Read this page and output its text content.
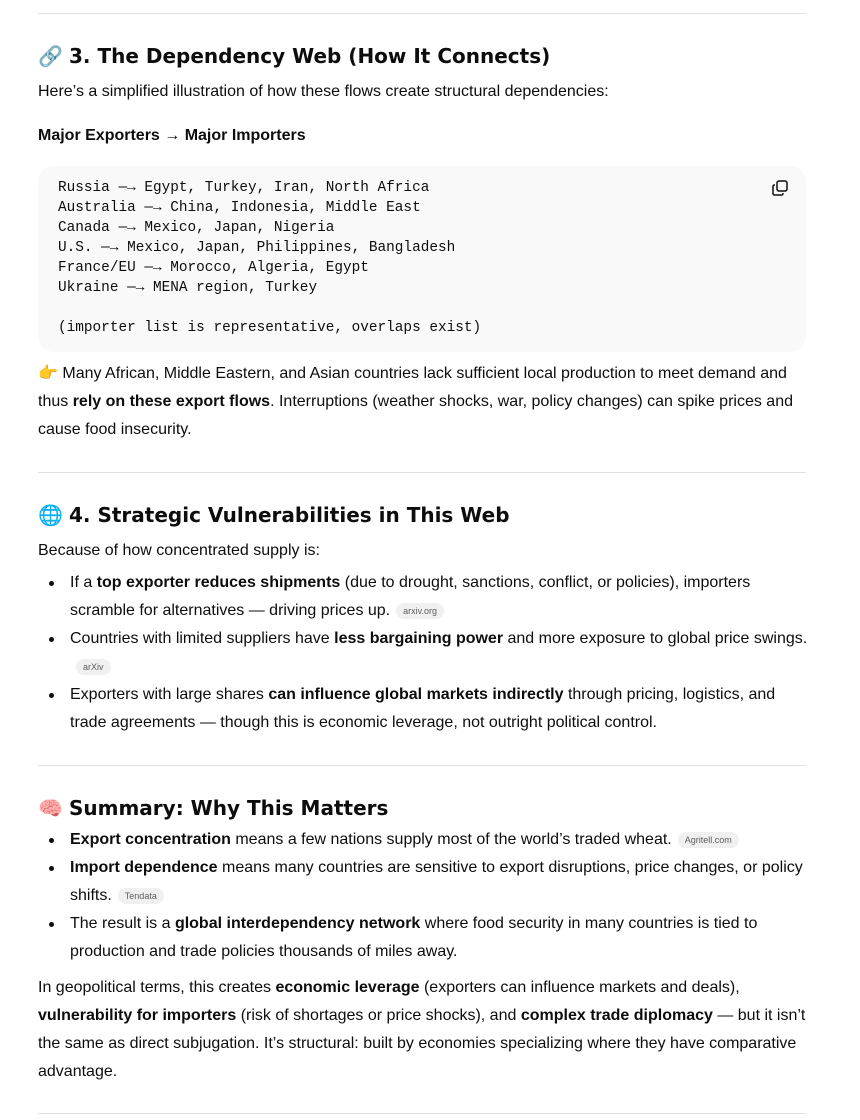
🔗 3. The Dependency Web (How It Connects)

Here’s a simplified illustration of how these flows create structural dependencies:

Major Exporters → Major Importers

Russia —→ Egypt, Turkey, Iran, North Africa
Australia —→ China, Indonesia, Middle East
Canada —→ Mexico, Japan, Nigeria
U.S. —→ Mexico, Japan, Philippines, Bangladesh
France/EU —→ Morocco, Algeria, Egypt
Ukraine —→ MENA region, Turkey

(importer list is representative, overlaps exist)

👉 Many African, Middle Eastern, and Asian countries lack sufficient local production to meet demand and thus rely on these export flows. Interruptions (weather shocks, war, policy changes) can spike prices and cause food insecurity.

🌐 4. Strategic Vulnerabilities in This Web

Because of how concentrated supply is:

If a top exporter reduces shipments (due to drought, sanctions, conflict, or policies), importers scramble for alternatives — driving prices up. arxiv.org
Countries with limited suppliers have less bargaining power and more exposure to global price swings.arXiv
Exporters with large shares can influence global markets indirectly through pricing, logistics, and trade agreements — though this is economic leverage, not outright political control.
🧠 Summary: Why This Matters
Export concentration means a few nations supply most of the world’s traded wheat. Agritell.com
Import dependence means many countries are sensitive to export disruptions, price changes, or policy shifts. Tendata
The result is a global interdependency network where food security in many countries is tied to production and trade policies thousands of miles away.

In geopolitical terms, this creates economic leverage (exporters can influence markets and deals), vulnerability for importers (risk of shortages or price shocks), and complex trade diplomacy — but it isn’t the same as direct subjugation. It’s structural: built by economies specializing where they have comparative advantage.
